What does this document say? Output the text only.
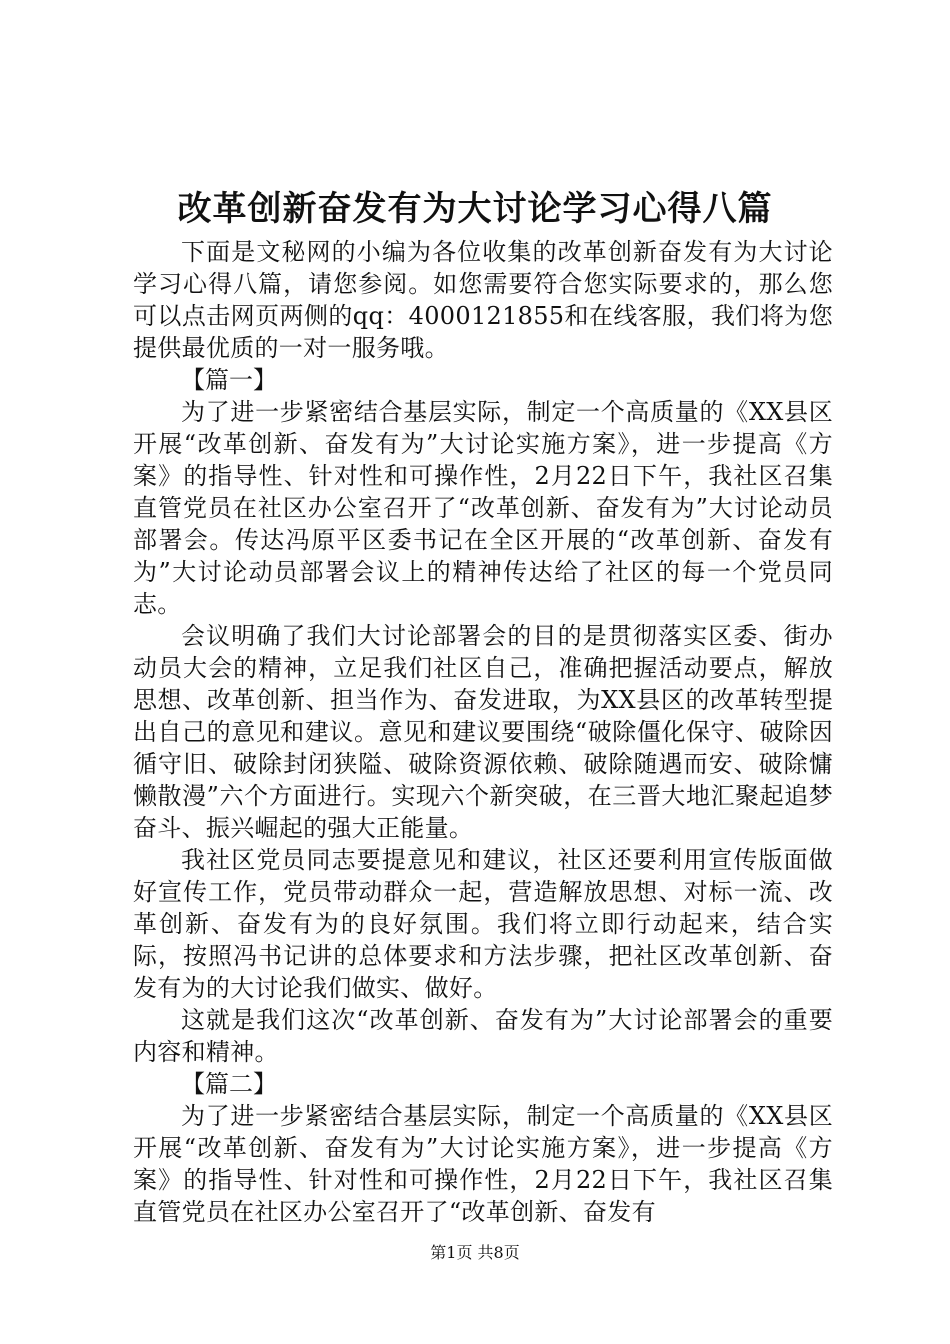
改革创新奋发有为大讨论学习心得八篇

下面是文秘网的小编为各位收集的改革创新奋发有为大讨论学习心得八篇，请您参阅。如您需要符合您实际要求的，那么您可以点击网页两侧的qq：4000121855和在线客服，我们将为您提供最优质的一对一服务哦。

【篇一】

为了进一步紧密结合基层实际，制定一个高质量的《XX县区开展“改革创新、奋发有为”大讨论实施方案》，进一步提高《方案》的指导性、针对性和可操作性，2月22日下午，我社区召集直管党员在社区办公室召开了“改革创新、奋发有为”大讨论动员部署会。传达冯原平区委书记在全区开展的“改革创新、奋发有为”大讨论动员部署会议上的精神传达给了社区的每一个党员同志。

会议明确了我们大讨论部署会的目的是贯彻落实区委、街办动员大会的精神，立足我们社区自己，准确把握活动要点，解放思想、改革创新、担当作为、奋发进取，为XX县区的改革转型提出自己的意见和建议。意见和建议要围绕“破除僵化保守、破除因循守旧、破除封闭狭隘、破除资源依赖、破除随遇而安、破除慵懒散漫”六个方面进行。实现六个新突破，在三晋大地汇聚起追梦奋斗、振兴崛起的强大正能量。

我社区党员同志要提意见和建议，社区还要利用宣传版面做好宣传工作，党员带动群众一起，营造解放思想、对标一流、改革创新、奋发有为的良好氛围。我们将立即行动起来，结合实际，按照冯书记讲的总体要求和方法步骤，把社区改革创新、奋发有为的大讨论我们做实、做好。

这就是我们这次“改革创新、奋发有为”大讨论部署会的重要内容和精神。

【篇二】

为了进一步紧密结合基层实际，制定一个高质量的《XX县区开展“改革创新、奋发有为”大讨论实施方案》，进一步提高《方案》的指导性、针对性和可操作性，2月22日下午，我社区召集直管党员在社区办公室召开了“改革创新、奋发有

第1页 共8页
